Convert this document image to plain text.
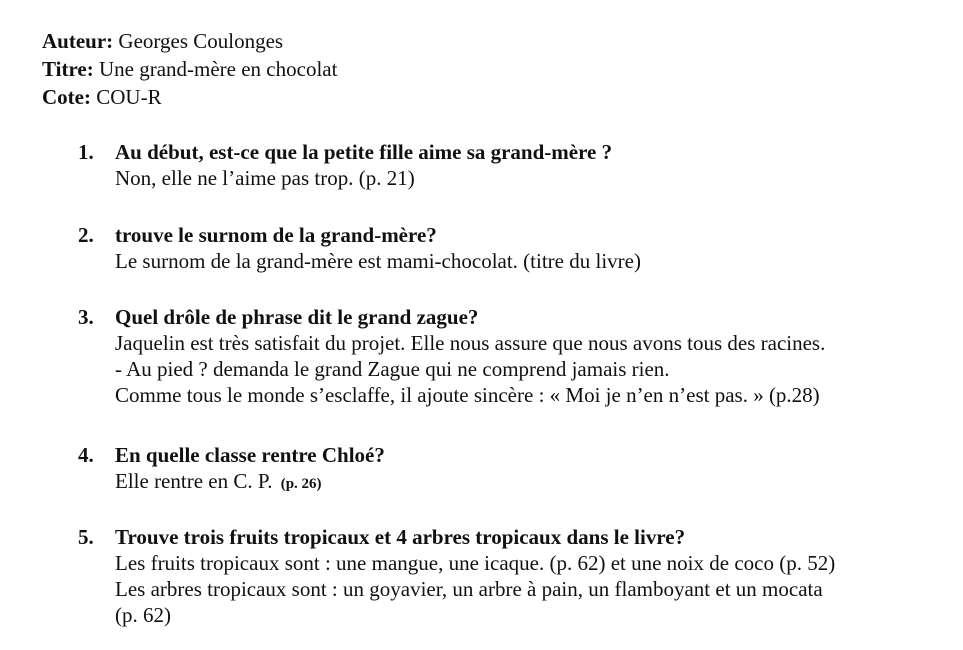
Auteur: Georges Coulonges
Titre: Une grand-mère en chocolat
Cote: COU-R
1. Au début, est-ce que la petite fille aime sa grand-mère ?
Non, elle ne l’aime pas trop. (p. 21)
2. trouve le surnom de la grand-mère?
Le surnom de la grand-mère est mami-chocolat. (titre du livre)
3. Quel drôle de phrase dit le grand zague?
Jaquelin est très satisfait du projet. Elle nous assure que nous avons tous des racines.
- Au pied ? demanda le grand Zague qui ne comprend jamais rien.
Comme tous le monde s’esclaffe, il ajoute sincère : « Moi je n’en n’est pas. » (p.28)
4. En quelle classe rentre Chloé?
Elle rentre en C. P. (p. 26)
5. Trouve trois fruits tropicaux et 4 arbres tropicaux dans le livre?
Les fruits tropicaux sont : une mangue, une icaque. (p. 62) et une noix de coco (p. 52)
Les arbres tropicaux sont : un goyavier, un arbre à pain, un flamboyant et un mocata
(p. 62)
